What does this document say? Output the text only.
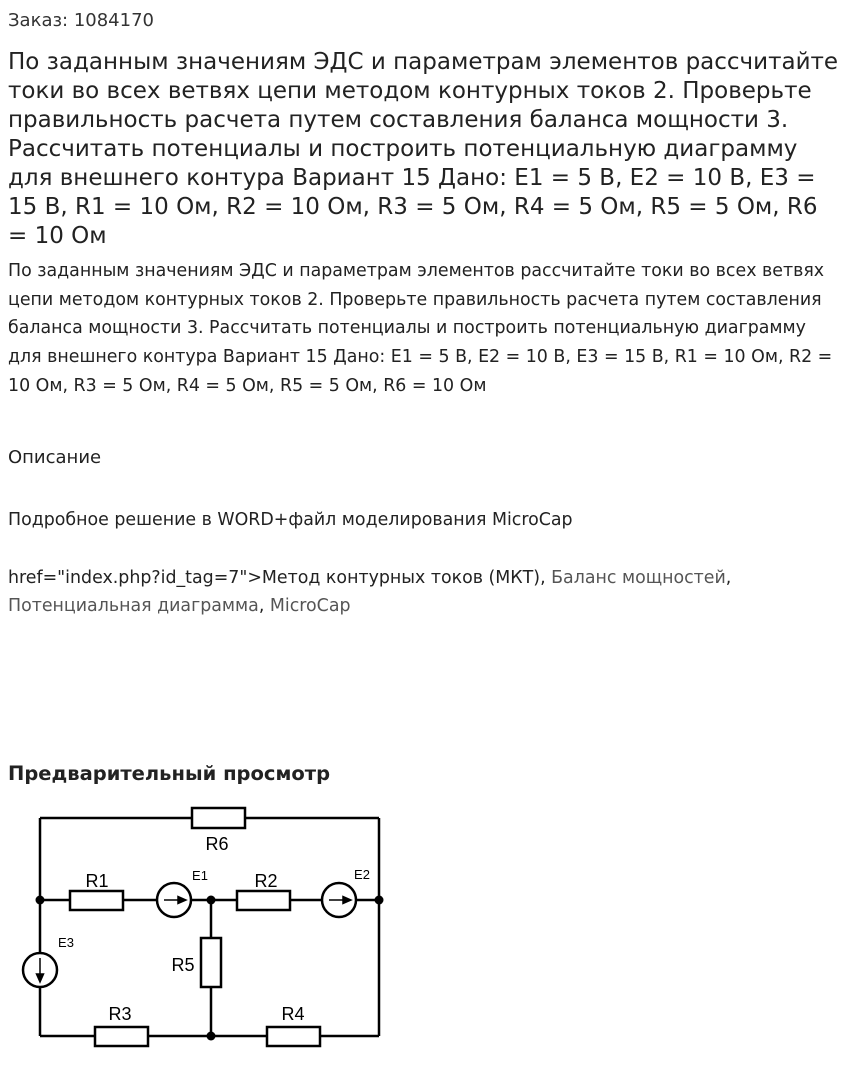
Заказ: 1084170
По заданным значениям ЭДС и параметрам элементов рассчитайте токи во всех ветвях цепи методом контурных токов 2. Проверьте правильность расчета путем составления баланса мощности 3. Рассчитать потенциалы и построить потенциальную диаграмму для внешнего контура Вариант 15 Дано: E1 = 5 В, E2 = 10 В, E3 = 15 В, R1 = 10 Ом, R2 = 10 Ом, R3 = 5 Ом, R4 = 5 Ом, R5 = 5 Ом, R6 = 10 Ом

По заданным значениям ЭДС и параметрам элементов рассчитайте токи во всех ветвях цепи методом контурных токов 2. Проверьте правильность расчета путем составления баланса мощности 3. Рассчитать потенциалы и построить потенциальную диаграмму для внешнего контура Вариант 15 Дано: E1 = 5 В, E2 = 10 В, E3 = 15 В, R1 = 10 Ом, R2 = 10 Ом, R3 = 5 Ом, R4 = 5 Ом, R5 = 5 Ом, R6 = 10 Ом

Описание
Подробное решение в WORD+файл моделирования MicroCap
href="index.php?id_tag=7">Метод контурных токов (МКТ), Баланс мощностей, Потенциальная диаграмма, MicroCap
Предварительный просмотр
R6
R1	E1	R2	E2
E3
R5
R3	R4
